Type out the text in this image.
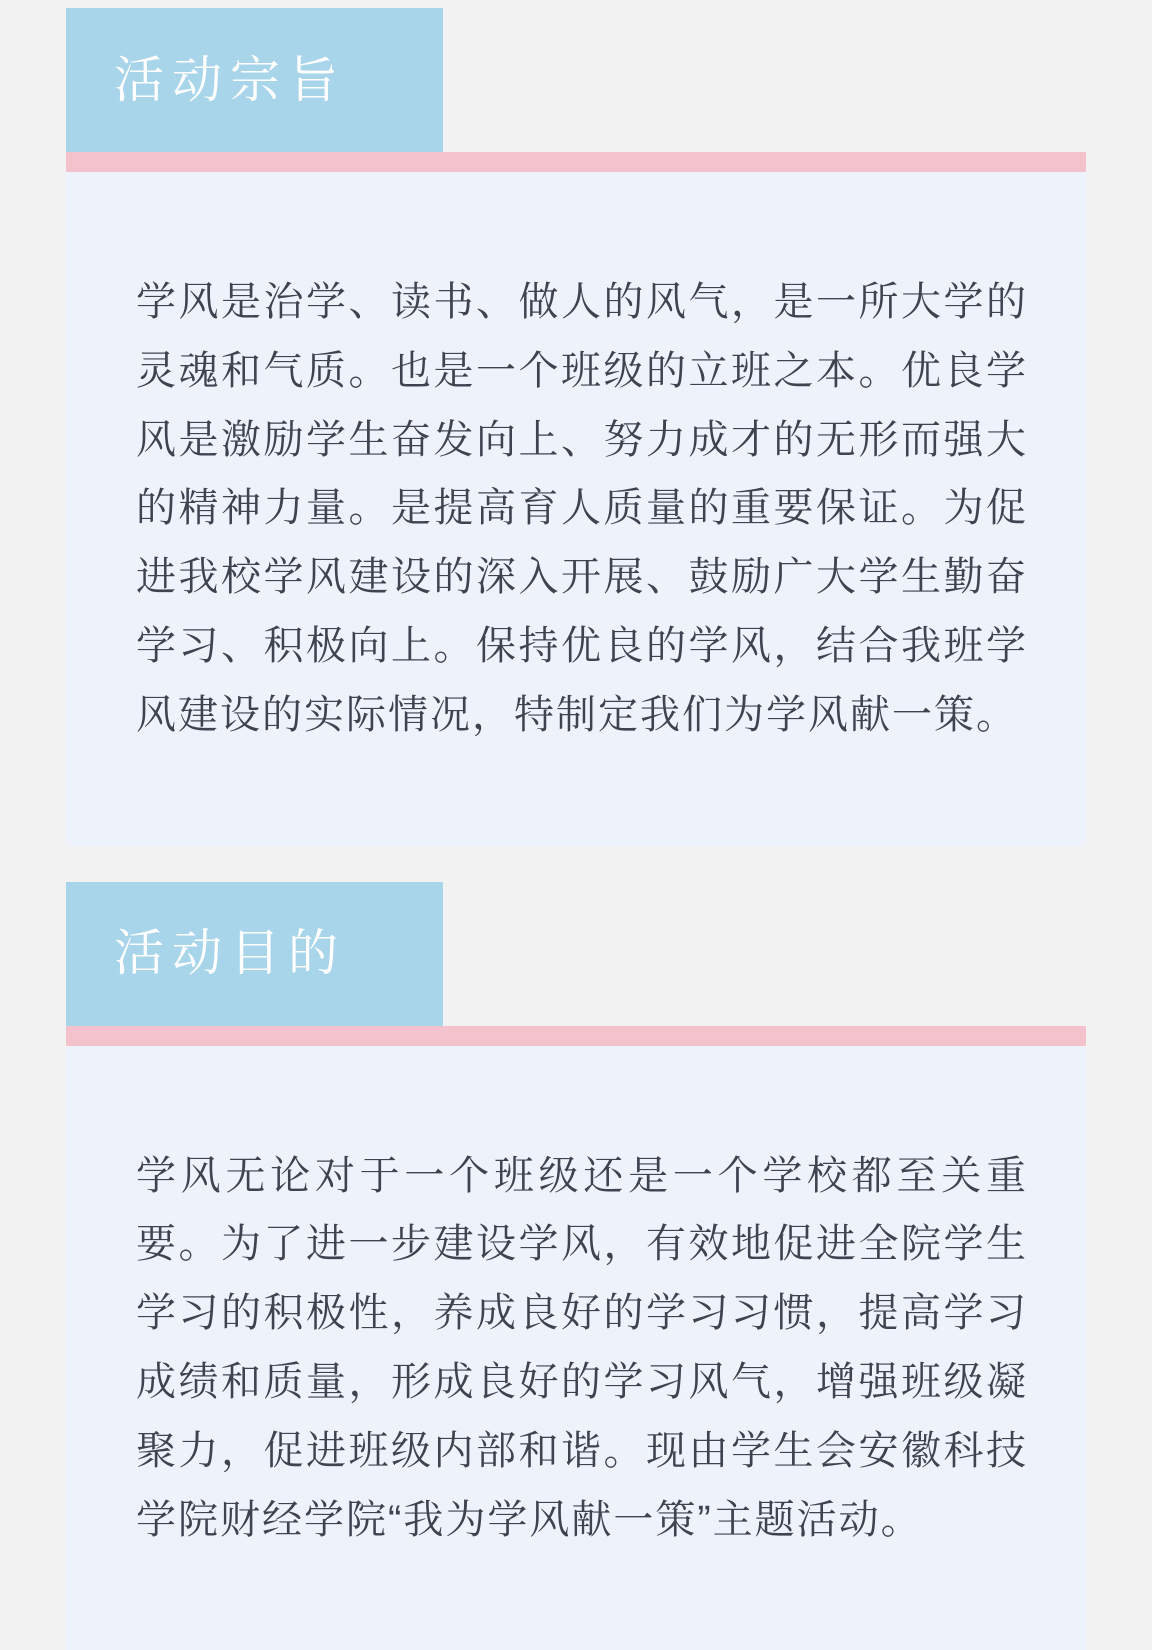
活动宗旨

学风是治学、读书、做人的风气，是一所大学的灵魂和气质。也是一个班级的立班之本。优良学风是激励学生奋发向上、努力成才的无形而强大的精神力量。是提高育人质量的重要保证。为促进我校学风建设的深入开展、鼓励广大学生勤奋学习、积极向上。保持优良的学风，结合我班学风建设的实际情况，特制定我们为学风献一策。

活动目的

学风无论对于一个班级还是一个学校都至关重要。为了进一步建设学风，有效地促进全院学生学习的积极性，养成良好的学习习惯，提高学习成绩和质量，形成良好的学习风气，增强班级凝聚力，促进班级内部和谐。现由学生会安徽科技学院财经学院“我为学风献一策”主题活动。
